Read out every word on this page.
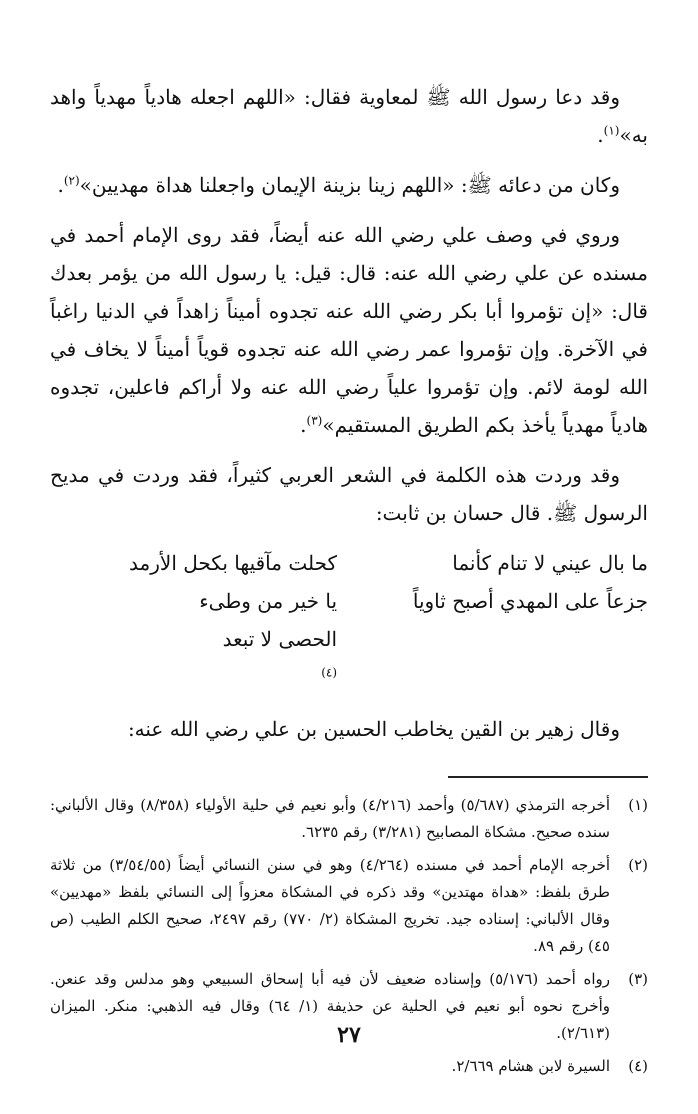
وقد دعا رسول الله ﷺ لمعاوية فقال: «اللهم اجعله هادياً مهدياً واهد به»$^{(١)}$.

وكان من دعائه ﷺ: «اللهم زينا بزينة الإيمان واجعلنا هداة مهديين»$^{(٢)}$.

وروي في وصف علي رضي الله عنه أيضاً، فقد روى الإمام أحمد في مسنده عن علي رضي الله عنه: قال: قيل: يا رسول الله من يؤمر بعدك قال: «إن تؤمروا أبا بكر رضي الله عنه تجدوه أميناً زاهداً في الدنيا راغباً في الآخرة. وإن تؤمروا عمر رضي الله عنه تجدوه قوياً أميناً لا يخاف في الله لومة لائم. وإن تؤمروا علياً رضي الله عنه ولا أراكم فاعلين، تجدوه هادياً مهدياً يأخذ بكم الطريق المستقيم»$^{(٣)}$.

وقد وردت هذه الكلمة في الشعر العربي كثيراً، فقد وردت في مديح الرسول ﷺ. قال حسان بن ثابت:

ما بال عيني لا تنام كأنما
كحلت مآقيها بكحل الأرمد
جزعاً على المهدي أصبح ثاوياً
يا خير من وطىء الحصى لا تبعد
$^{(٤)}$

وقال زهير بن القين يخاطب الحسين بن علي رضي الله عنه:

(١)
أخرجه الترمذي (٥/٦٨٧) وأحمد (٤/٢١٦) وأبو نعيم في حلية الأولياء (٨/٣٥٨) وقال الألباني: سنده صحيح. مشكاة المصابيح (٣/٢٨١) رقم ٦٢٣٥.
(٢)
أخرجه الإمام أحمد في مسنده (٤/٢٦٤) وهو في سنن النسائي أيضاً (٣/٥٤/٥٥) من ثلاثة طرق بلفظ: «هداة مهتدين» وقد ذكره في المشكاة معزواً إلى النسائي بلفظ «مهديين» وقال الألباني: إسناده جيد. تخريج المشكاة (٢/ ٧٧٠) رقم ٢٤٩٧، صحيح الكلم الطيب (ص ٤٥) رقم ٨٩.
(٣)
رواه أحمد (٥/١٧٦) وإسناده ضعيف لأن فيه أبا إسحاق السبيعي وهو مدلس وقد عنعن. وأخرج نحوه أبو نعيم في الحلية عن حذيفة (١/ ٦٤) وقال فيه الذهبي: منكر. الميزان (٢/٦١٣).
(٤)
السيرة لابن هشام ٢/٦٦٩.
٢٧
